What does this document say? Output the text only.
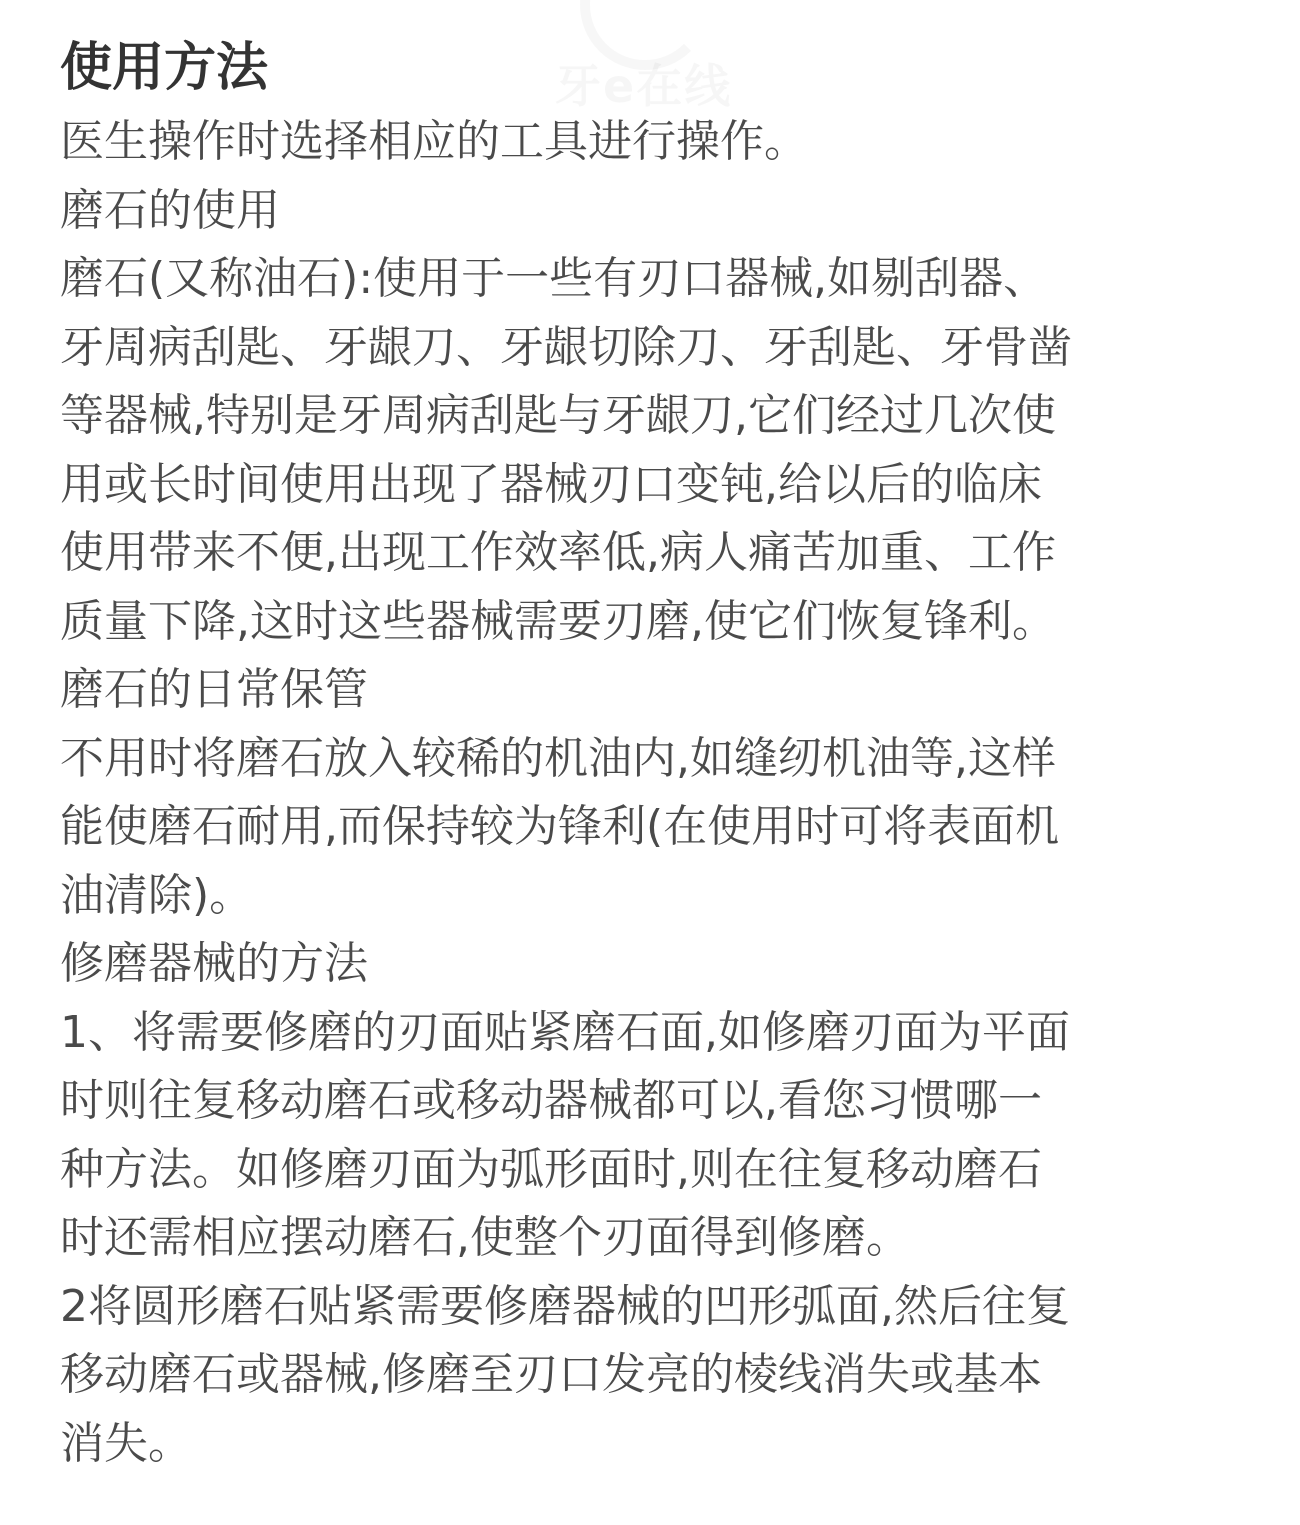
使用方法

医生操作时选择相应的工具进行操作。

磨石的使用

磨石(又称油石):使用于一些有刃口器械,如剔刮器、

牙周病刮匙、牙龈刀、牙龈切除刀、牙刮匙、牙骨凿

等器械,特别是牙周病刮匙与牙龈刀,它们经过几次使

用或长时间使用出现了器械刃口变钝,给以后的临床

使用带来不便,出现工作效率低,病人痛苦加重、工作

质量下降,这时这些器械需要刃磨,使它们恢复锋利。

磨石的日常保管

不用时将磨石放入较稀的机油内,如缝纫机油等,这样

能使磨石耐用,而保持较为锋利(在使用时可将表面机

油清除)。

修磨器械的方法

1、将需要修磨的刃面贴紧磨石面,如修磨刃面为平面

时则往复移动磨石或移动器械都可以,看您习惯哪一

种方法。如修磨刃面为弧形面时,则在往复移动磨石

时还需相应摆动磨石,使整个刃面得到修磨。

2将圆形磨石贴紧需要修磨器械的凹形弧面,然后往复

移动磨石或器械,修磨至刃口发亮的棱线消失或基本

消失。
